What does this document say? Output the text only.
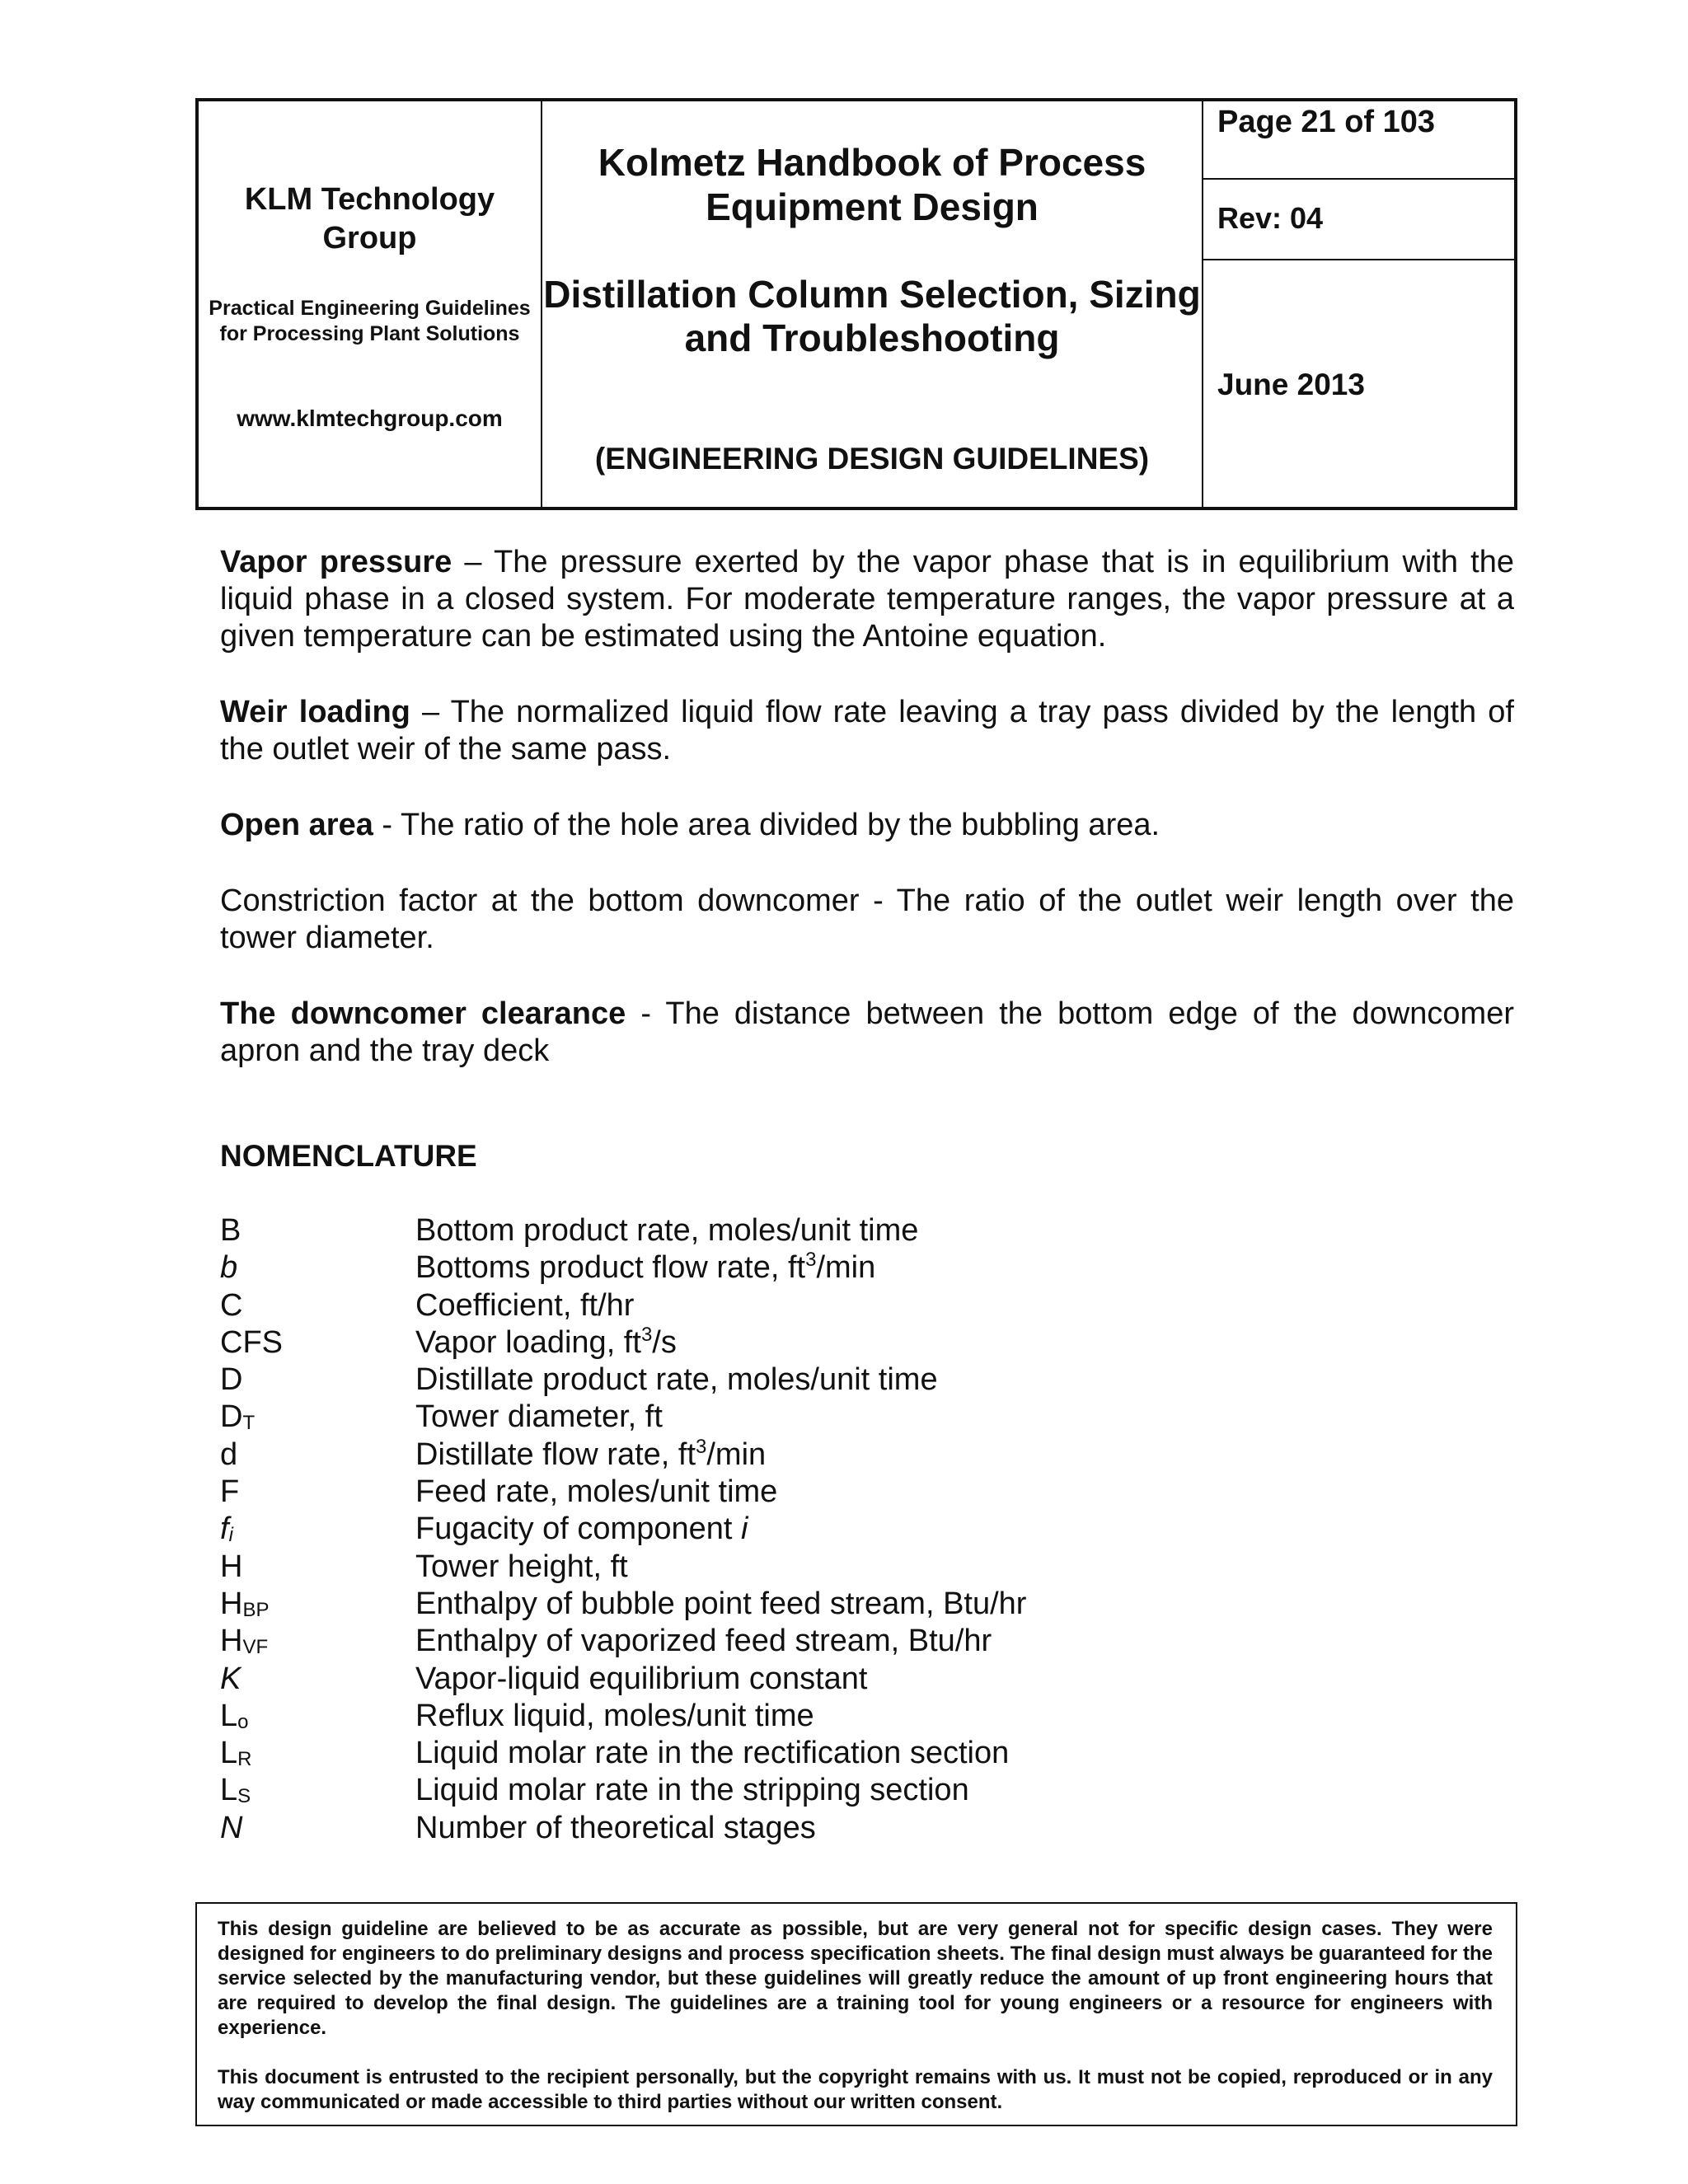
KLM Technology Group
Practical Engineering Guidelines for Processing Plant Solutions
www.klmtechgroup.com
Kolmetz Handbook of Process Equipment Design
Distillation Column Selection, Sizing and Troubleshooting
(ENGINEERING DESIGN GUIDELINES)
Page 21 of 103
Rev: 04
June 2013

Vapor pressure – The pressure exerted by the vapor phase that is in equilibrium with the liquid phase in a closed system. For moderate temperature ranges, the vapor pressure at a given temperature can be estimated using the Antoine equation.

Weir loading – The normalized liquid flow rate leaving a tray pass divided by the length of the outlet weir of the same pass.

Open area - The ratio of the hole area divided by the bubbling area.

Constriction factor at the bottom downcomer - The ratio of the outlet weir length over the tower diameter.

The downcomer clearance - The distance between the bottom edge of the downcomer apron and the tray deck

NOMENCLATURE
B	Bottom product rate, moles/unit time
b	Bottoms product flow rate, $ft^3/\min$
C	Coefficient, ft/hr
CFS	Vapor loading, $ft^3/s$
D	Distillate product rate, moles/unit time
$D_T$	Tower diameter, ft
d	Distillate flow rate, $ft^3/\min$
F	Feed rate, moles/unit time
$f_i$	Fugacity of component i
H	Tower height, ft
$H_{BP}$	Enthalpy of bubble point feed stream, Btu/hr
$H_{VF}$	Enthalpy of vaporized feed stream, Btu/hr
K	Vapor-liquid equilibrium constant
$L_o$	Reflux liquid, moles/unit time
$L_R$	Liquid molar rate in the rectification section
$L_S$	Liquid molar rate in the stripping section
N	Number of theoretical stages

This design guideline are believed to be as accurate as possible, but are very general not for specific design cases. They were designed for engineers to do preliminary designs and process specification sheets. The final design must always be guaranteed for the service selected by the manufacturing vendor, but these guidelines will greatly reduce the amount of up front engineering hours that are required to develop the final design. The guidelines are a training tool for young engineers or a resource for engineers with experience.

This document is entrusted to the recipient personally, but the copyright remains with us. It must not be copied, reproduced or in any way communicated or made accessible to third parties without our written consent.
